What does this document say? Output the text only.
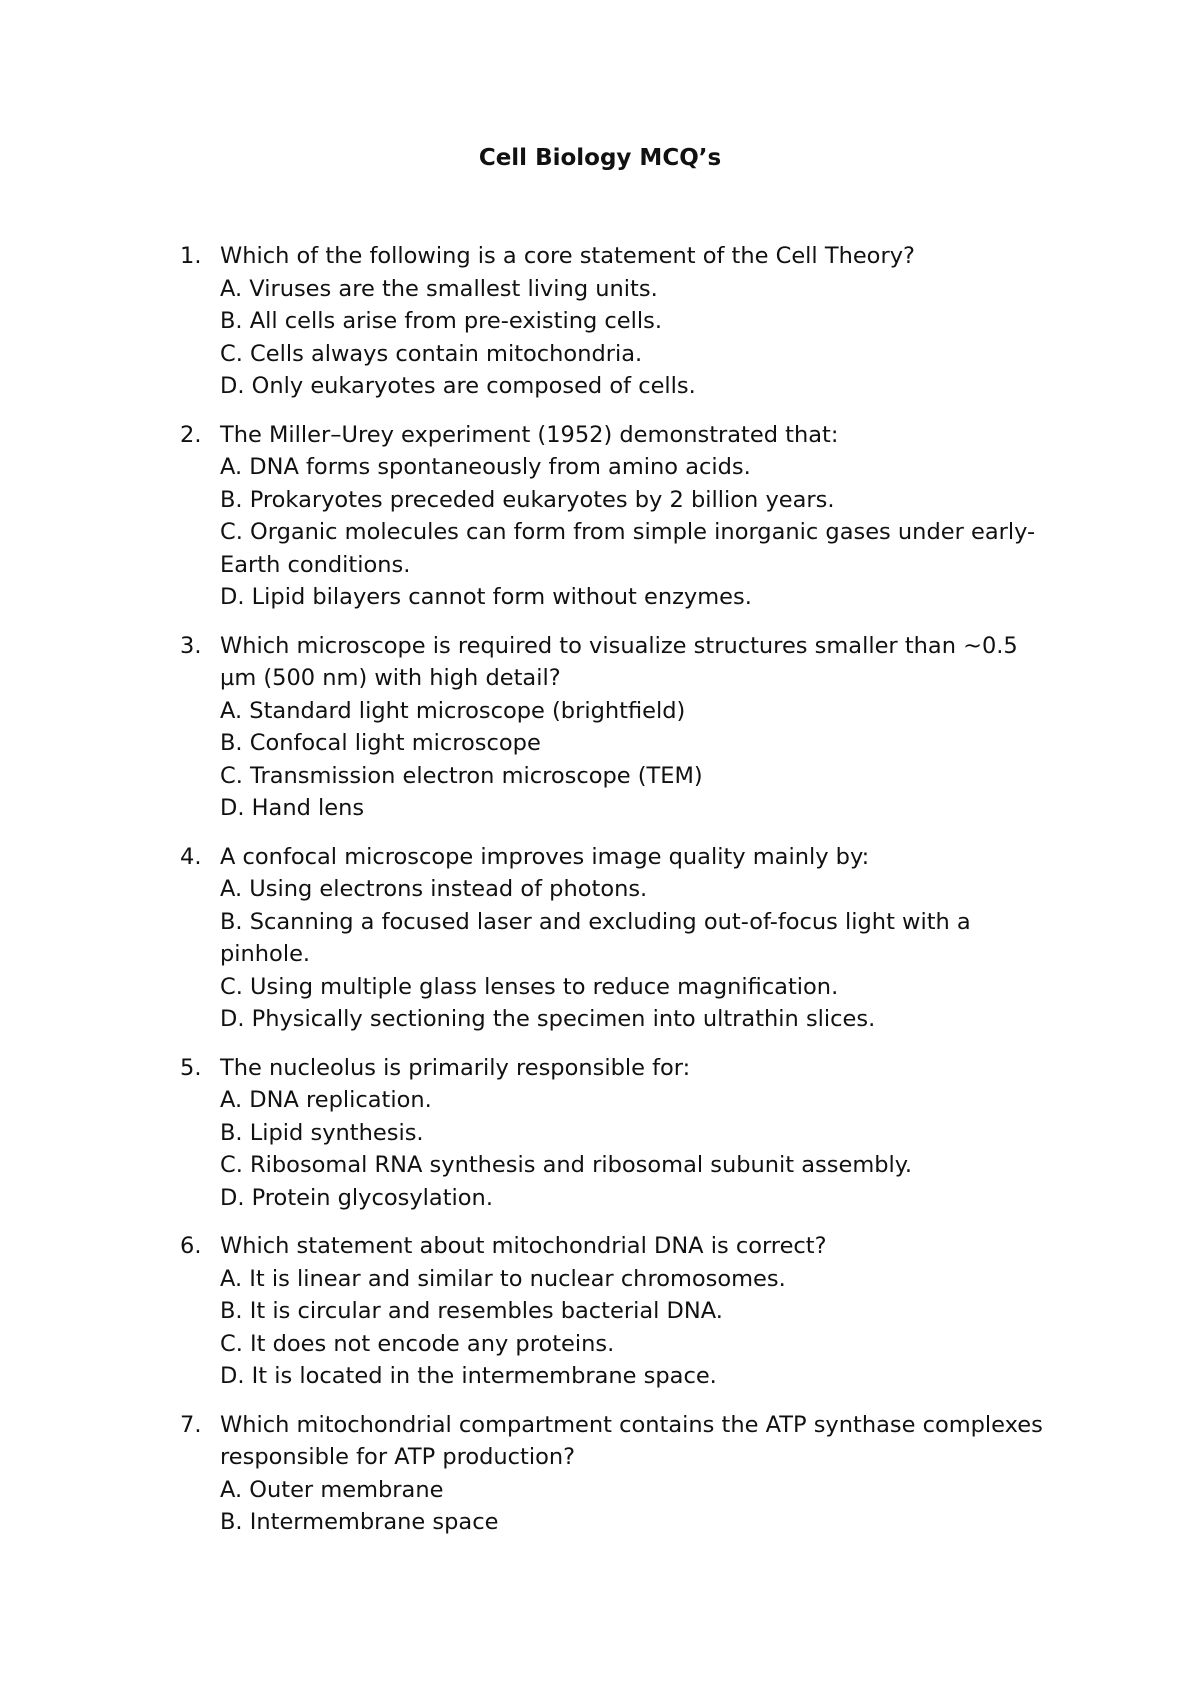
Cell Biology MCQ’s
1. Which of the following is a core statement of the Cell Theory?
A. Viruses are the smallest living units.
B. All cells arise from pre-existing cells.
C. Cells always contain mitochondria.
D. Only eukaryotes are composed of cells.
2. The Miller–Urey experiment (1952) demonstrated that:
A. DNA forms spontaneously from amino acids.
B. Prokaryotes preceded eukaryotes by 2 billion years.
C. Organic molecules can form from simple inorganic gases under early-Earth conditions.
D. Lipid bilayers cannot form without enzymes.
3. Which microscope is required to visualize structures smaller than ~0.5 µm (500 nm) with high detail?
A. Standard light microscope (brightfield)
B. Confocal light microscope
C. Transmission electron microscope (TEM)
D. Hand lens
4. A confocal microscope improves image quality mainly by:
A. Using electrons instead of photons.
B. Scanning a focused laser and excluding out-of-focus light with a pinhole.
C. Using multiple glass lenses to reduce magnification.
D. Physically sectioning the specimen into ultrathin slices.
5. The nucleolus is primarily responsible for:
A. DNA replication.
B. Lipid synthesis.
C. Ribosomal RNA synthesis and ribosomal subunit assembly.
D. Protein glycosylation.
6. Which statement about mitochondrial DNA is correct?
A. It is linear and similar to nuclear chromosomes.
B. It is circular and resembles bacterial DNA.
C. It does not encode any proteins.
D. It is located in the intermembrane space.
7. Which mitochondrial compartment contains the ATP synthase complexes responsible for ATP production?
A. Outer membrane
B. Intermembrane space
